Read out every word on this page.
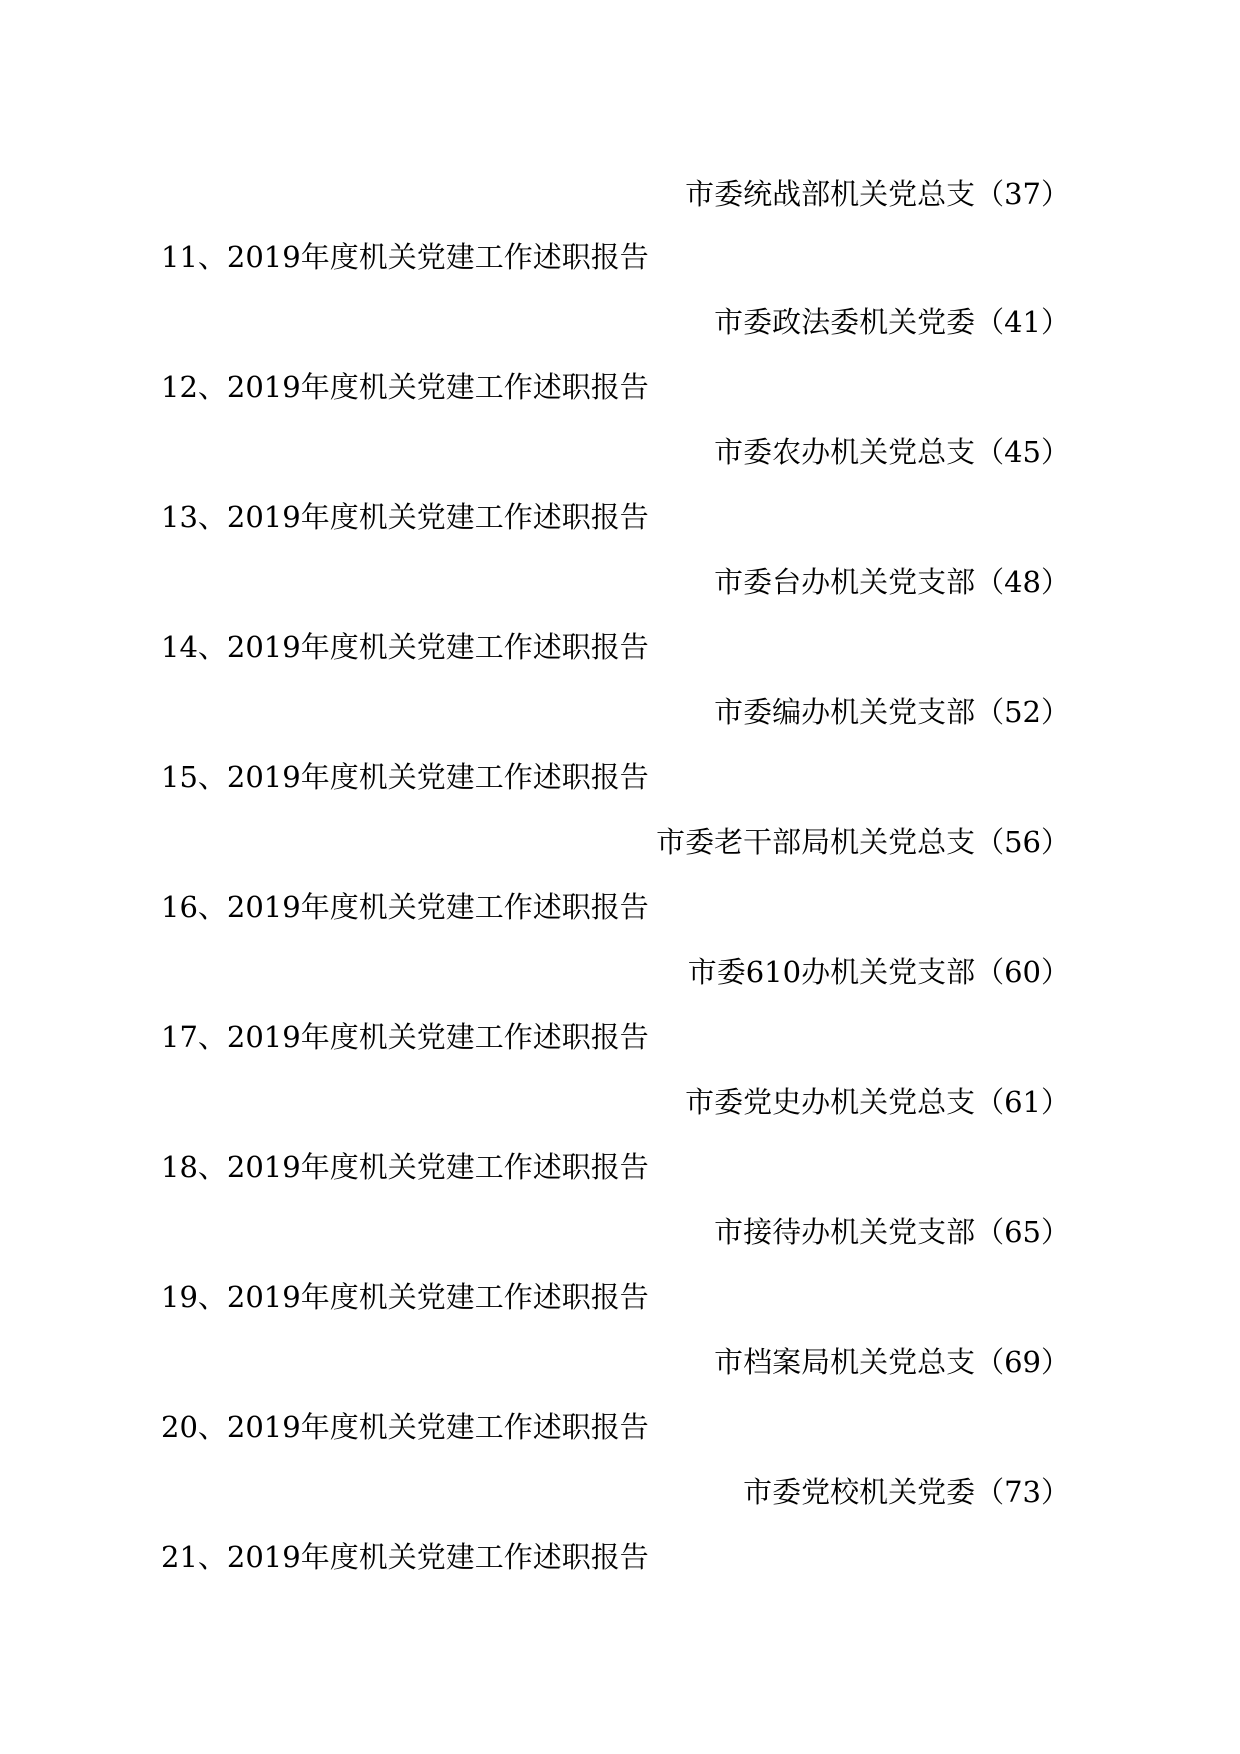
市委统战部机关党总支（37）
11、2019年度机关党建工作述职报告
市委政法委机关党委（41）
12、2019年度机关党建工作述职报告
市委农办机关党总支（45）
13、2019年度机关党建工作述职报告
市委台办机关党支部（48）
14、2019年度机关党建工作述职报告
市委编办机关党支部（52）
15、2019年度机关党建工作述职报告
市委老干部局机关党总支（56）
16、2019年度机关党建工作述职报告
市委610办机关党支部（60）
17、2019年度机关党建工作述职报告
市委党史办机关党总支（61）
18、2019年度机关党建工作述职报告
市接待办机关党支部（65）
19、2019年度机关党建工作述职报告
市档案局机关党总支（69）
20、2019年度机关党建工作述职报告
市委党校机关党委（73）
21、2019年度机关党建工作述职报告
